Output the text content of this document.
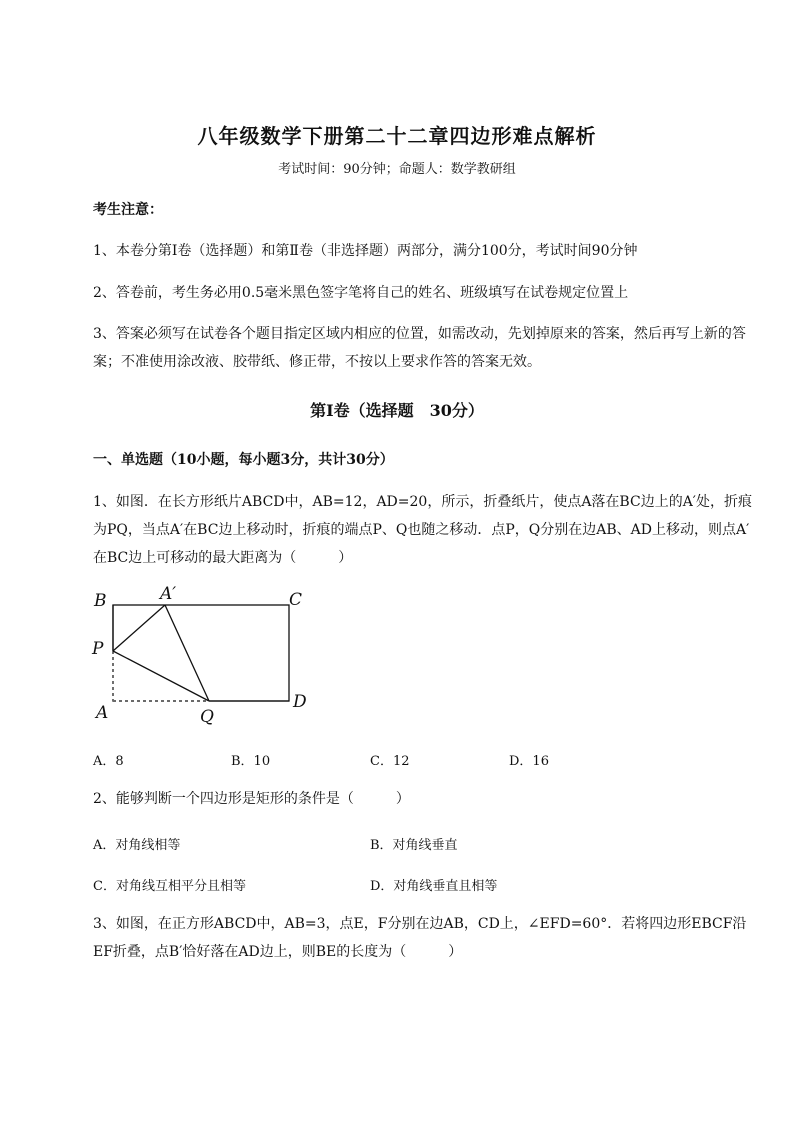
八年级数学下册第二十二章四边形难点解析
考试时间：90分钟；命题人：数学教研组
考生注意：
1、本卷分第I卷（选择题）和第Ⅱ卷（非选择题）两部分，满分100分，考试时间90分钟
2、答卷前，考生务必用0.5毫米黑色签字笔将自己的姓名、班级填写在试卷规定位置上
3、答案必须写在试卷各个题目指定区域内相应的位置，如需改动，先划掉原来的答案，然后再写上新的答案；不准使用涂改液、胶带纸、修正带，不按以上要求作答的答案无效。
第I卷（选择题　30分）
一、单选题（10小题，每小题3分，共计30分）
1、如图．在长方形纸片ABCD中，AB=12，AD=20，所示，折叠纸片，使点A落在BC边上的A′处，折痕为PQ，当点A′在BC边上移动时，折痕的端点P、Q也随之移动．点P，Q分别在边AB、AD上移动，则点A′在BC边上可移动的最大距离为（　　　）
B	A′	C
P
A	Q
D
A．8	B．10	C．12	D．16
2、能够判断一个四边形是矩形的条件是（　　　）
A．对角线相等	B．对角线垂直
C．对角线互相平分且相等	D．对角线垂直且相等
3、如图，在正方形ABCD中，AB=3，点E，F分别在边AB，CD上，∠EFD=60°．若将四边形EBCF沿EF折叠，点B′恰好落在AD边上，则BE的长度为（　　　）
